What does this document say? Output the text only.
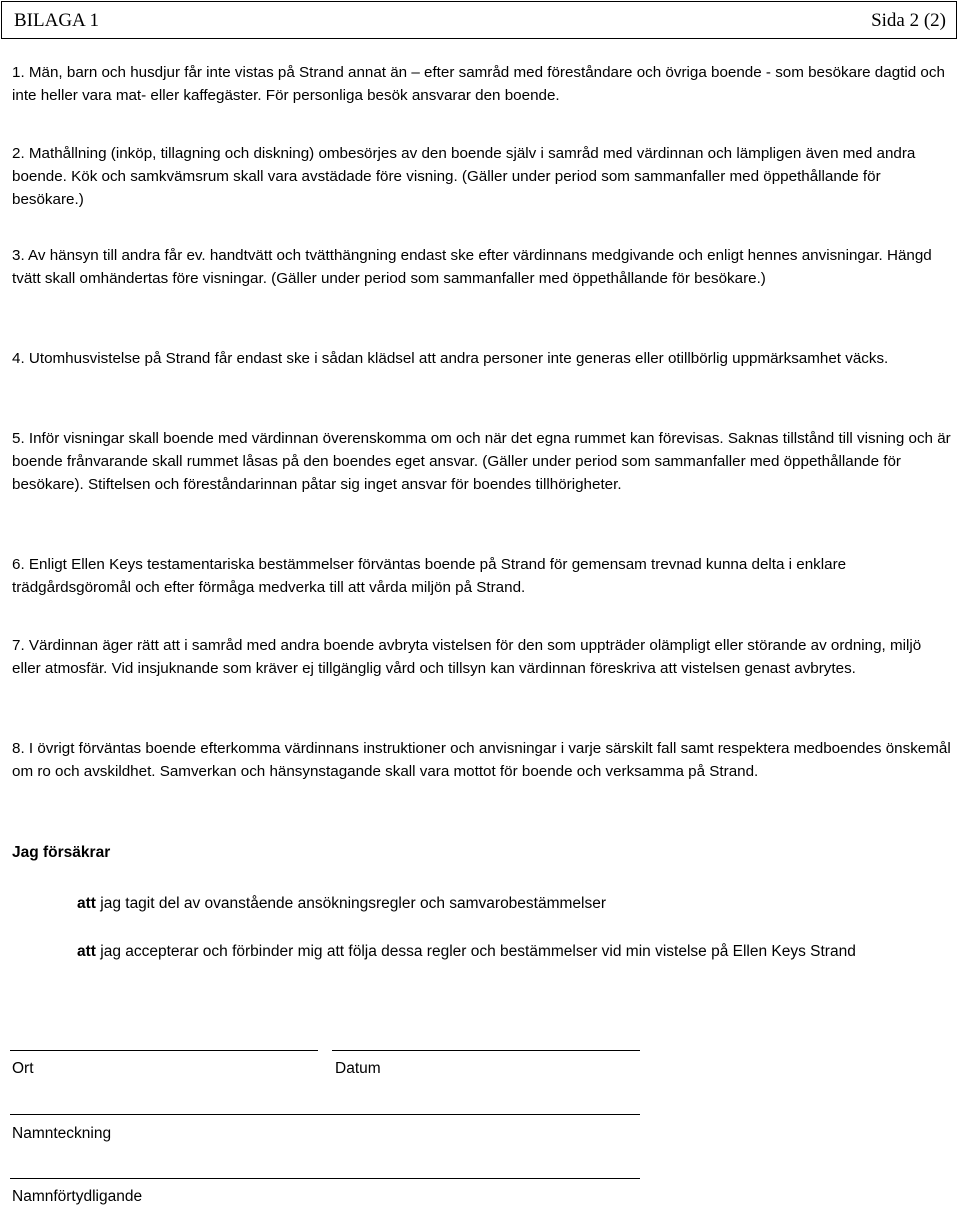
BILAGA 1	Sida 2 (2)

1. Män, barn och husdjur får inte vistas på Strand annat än – efter samråd med föreståndare och övriga boende - som besökare dagtid och inte heller vara mat- eller kaffegäster. För personliga besök ansvarar den boende.

2. Mathållning (inköp, tillagning och diskning) ombesörjes av den boende själv i samråd med värdinnan och lämpligen även med andra boende. Kök och samkvämsrum skall vara avstädade före visning. (Gäller under period som sammanfaller med öppethållande för besökare.)

3. Av hänsyn till andra får ev. handtvätt och tvätthängning endast ske efter värdinnans medgivande och enligt hennes anvisningar. Hängd tvätt skall omhändertas före visningar. (Gäller under period som sammanfaller med öppethållande för besökare.)

4. Utomhusvistelse på Strand får endast ske i sådan klädsel att andra personer inte generas eller otillbörlig uppmärksamhet väcks.

5. Inför visningar skall boende med värdinnan överenskomma om och när det egna rummet kan förevisas. Saknas tillstånd till visning och är boende frånvarande skall rummet låsas på den boendes eget ansvar. (Gäller under period som sammanfaller med öppethållande för besökare). Stiftelsen och föreståndarinnan påtar sig inget ansvar för boendes tillhörigheter.

6. Enligt Ellen Keys testamentariska bestämmelser förväntas boende på Strand för gemensam trevnad kunna delta i enklare trädgårdsgöromål och efter förmåga medverka till att vårda miljön på Strand.

7. Värdinnan äger rätt att i samråd med andra boende avbryta vistelsen för den som uppträder olämpligt eller störande av ordning, miljö eller atmosfär. Vid insjuknande som kräver ej tillgänglig vård och tillsyn kan värdinnan föreskriva att vistelsen genast avbrytes.

8. I övrigt förväntas boende efterkomma värdinnans instruktioner och anvisningar i varje särskilt fall samt respektera medboendes önskemål om ro och avskildhet. Samverkan och hänsynstagande skall vara mottot för boende och verksamma på Strand.

Jag försäkrar
att jag tagit del av ovanstående ansökningsregler och samvarobestämmelser
att jag accepterar och förbinder mig att följa dessa regler och bestämmelser vid min vistelse på Ellen Keys Strand
Ort	Datum
Namnteckning
Namnförtydligande
